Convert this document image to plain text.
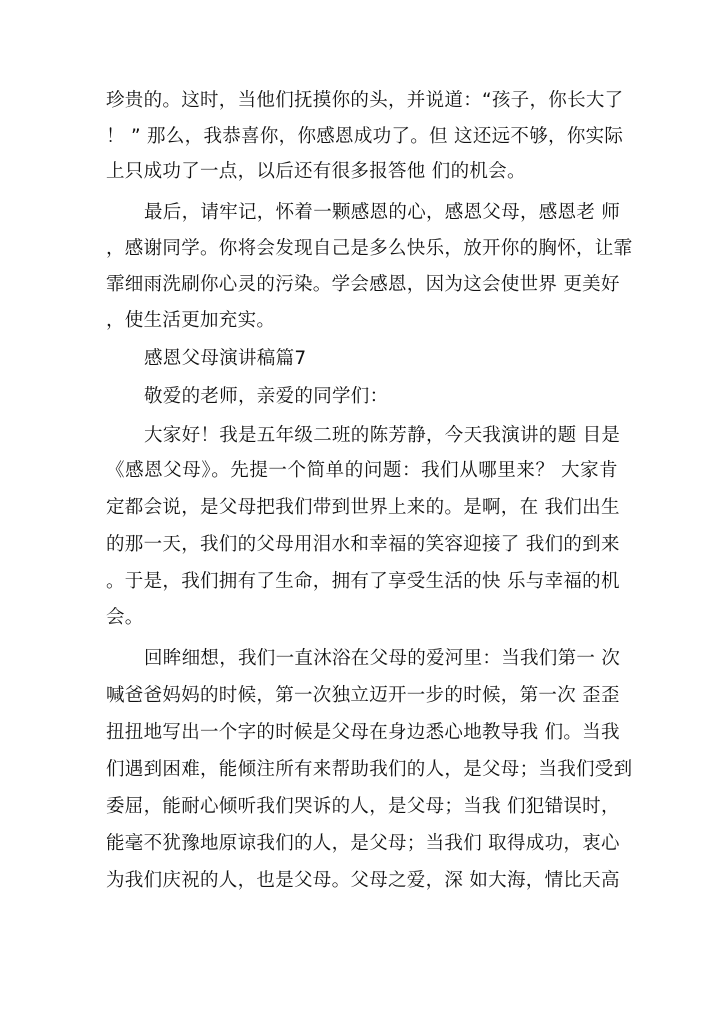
珍贵的。这时，当他们抚摸你的头，并说道：“孩子，你长大了
！ ” 那么，我恭喜你，你感恩成功了。但 这还远不够，你实际
上只成功了一点，以后还有很多报答他 们的机会。
最后，请牢记，怀着一颗感恩的心，感恩父母，感恩老 师
，感谢同学。你将会发现自己是多么快乐，放开你的胸怀，让霏
霏细雨洗刷你心灵的污染。学会感恩，因为这会使世界 更美好
，使生活更加充实。
感恩父母演讲稿篇7
敬爱的老师，亲爱的同学们：
大家好！我是五年级二班的陈芳静，今天我演讲的题 目是
《感恩父母》。先提一个简单的问题：我们从哪里来？ 大家肯
定都会说，是父母把我们带到世界上来的。是啊，在 我们出生
的那一天，我们的父母用泪水和幸福的笑容迎接了 我们的到来
。于是，我们拥有了生命，拥有了享受生活的快 乐与幸福的机
会。
回眸细想，我们一直沐浴在父母的爱河里：当我们第一 次
喊爸爸妈妈的时候，第一次独立迈开一步的时候，第一次 歪歪
扭扭地写出一个字的时候是父母在身边悉心地教导我 们。当我
们遇到困难，能倾注所有来帮助我们的人，是父母；当我们受到
委屈，能耐心倾听我们哭诉的人，是父母；当我 们犯错误时，
能毫不犹豫地原谅我们的人，是父母；当我们 取得成功，衷心
为我们庆祝的人，也是父母。父母之爱，深 如大海，情比天高
